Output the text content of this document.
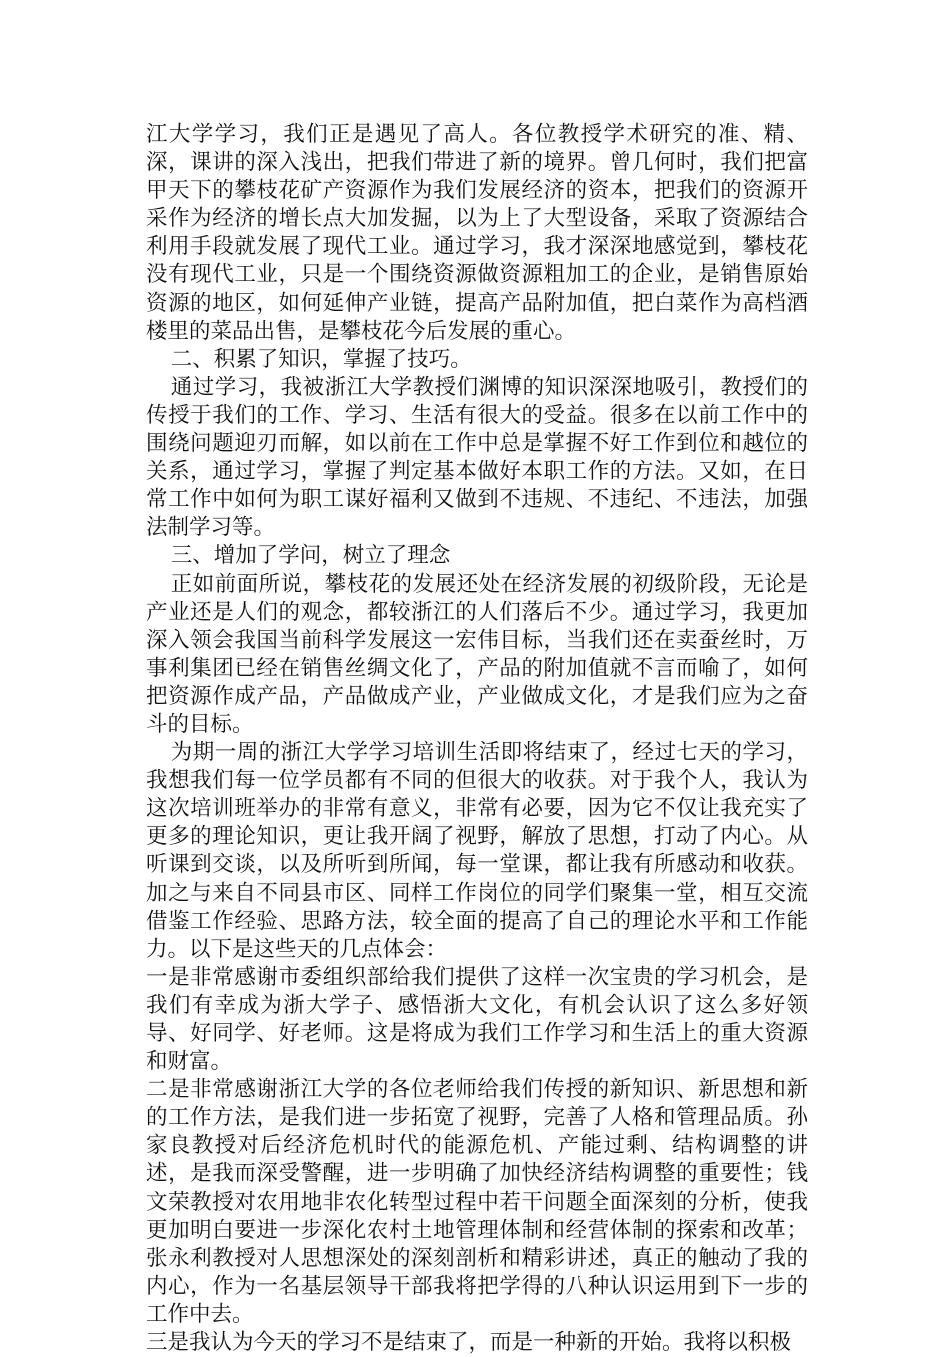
江大学学习，我们正是遇见了高人。各位教授学术研究的准、精、深，课讲的深入浅出，把我们带进了新的境界。曾几何时，我们把富甲天下的攀枝花矿产资源作为我们发展经济的资本，把我们的资源开采作为经济的增长点大加发掘，以为上了大型设备，采取了资源结合利用手段就发展了现代工业。通过学习，我才深深地感觉到，攀枝花没有现代工业，只是一个围绕资源做资源粗加工的企业，是销售原始资源的地区，如何延伸产业链，提高产品附加值，把白菜作为高档酒楼里的菜品出售，是攀枝花今后发展的重心。

二、积累了知识，掌握了技巧。

通过学习，我被浙江大学教授们渊博的知识深深地吸引，教授们的传授于我们的工作、学习、生活有很大的受益。很多在以前工作中的围绕问题迎刃而解，如以前在工作中总是掌握不好工作到位和越位的关系，通过学习，掌握了判定基本做好本职工作的方法。又如，在日常工作中如何为职工谋好福利又做到不违规、不违纪、不违法，加强法制学习等。

三、增加了学问，树立了理念

正如前面所说，攀枝花的发展还处在经济发展的初级阶段，无论是产业还是人们的观念，都较浙江的人们落后不少。通过学习，我更加深入领会我国当前科学发展这一宏伟目标，当我们还在卖蚕丝时，万事利集团已经在销售丝绸文化了，产品的附加值就不言而喻了，如何把资源作成产品，产品做成产业，产业做成文化，才是我们应为之奋斗的目标。

为期一周的浙江大学学习培训生活即将结束了，经过七天的学习，我想我们每一位学员都有不同的但很大的收获。对于我个人，我认为这次培训班举办的非常有意义，非常有必要，因为它不仅让我充实了更多的理论知识，更让我开阔了视野，解放了思想，打动了内心。从听课到交谈，以及所听到所闻，每一堂课，都让我有所感动和收获。加之与来自不同县市区、同样工作岗位的同学们聚集一堂，相互交流借鉴工作经验、思路方法，较全面的提高了自己的理论水平和工作能力。以下是这些天的几点体会：

一是非常感谢市委组织部给我们提供了这样一次宝贵的学习机会，是我们有幸成为浙大学子、感悟浙大文化，有机会认识了这么多好领导、好同学、好老师。这是将成为我们工作学习和生活上的重大资源和财富。

二是非常感谢浙江大学的各位老师给我们传授的新知识、新思想和新的工作方法，是我们进一步拓宽了视野，完善了人格和管理品质。孙家良教授对后经济危机时代的能源危机、产能过剩、结构调整的讲述，是我而深受警醒，进一步明确了加快经济结构调整的重要性；钱文荣教授对农用地非农化转型过程中若干问题全面深刻的分析，使我更加明白要进一步深化农村土地管理体制和经营体制的探索和改革；张永利教授对人思想深处的深刻剖析和精彩讲述，真正的触动了我的内心，作为一名基层领导干部我将把学得的八种认识运用到下一步的工作中去。

三是我认为今天的学习不是结束了，而是一种新的开始。我将以积极
